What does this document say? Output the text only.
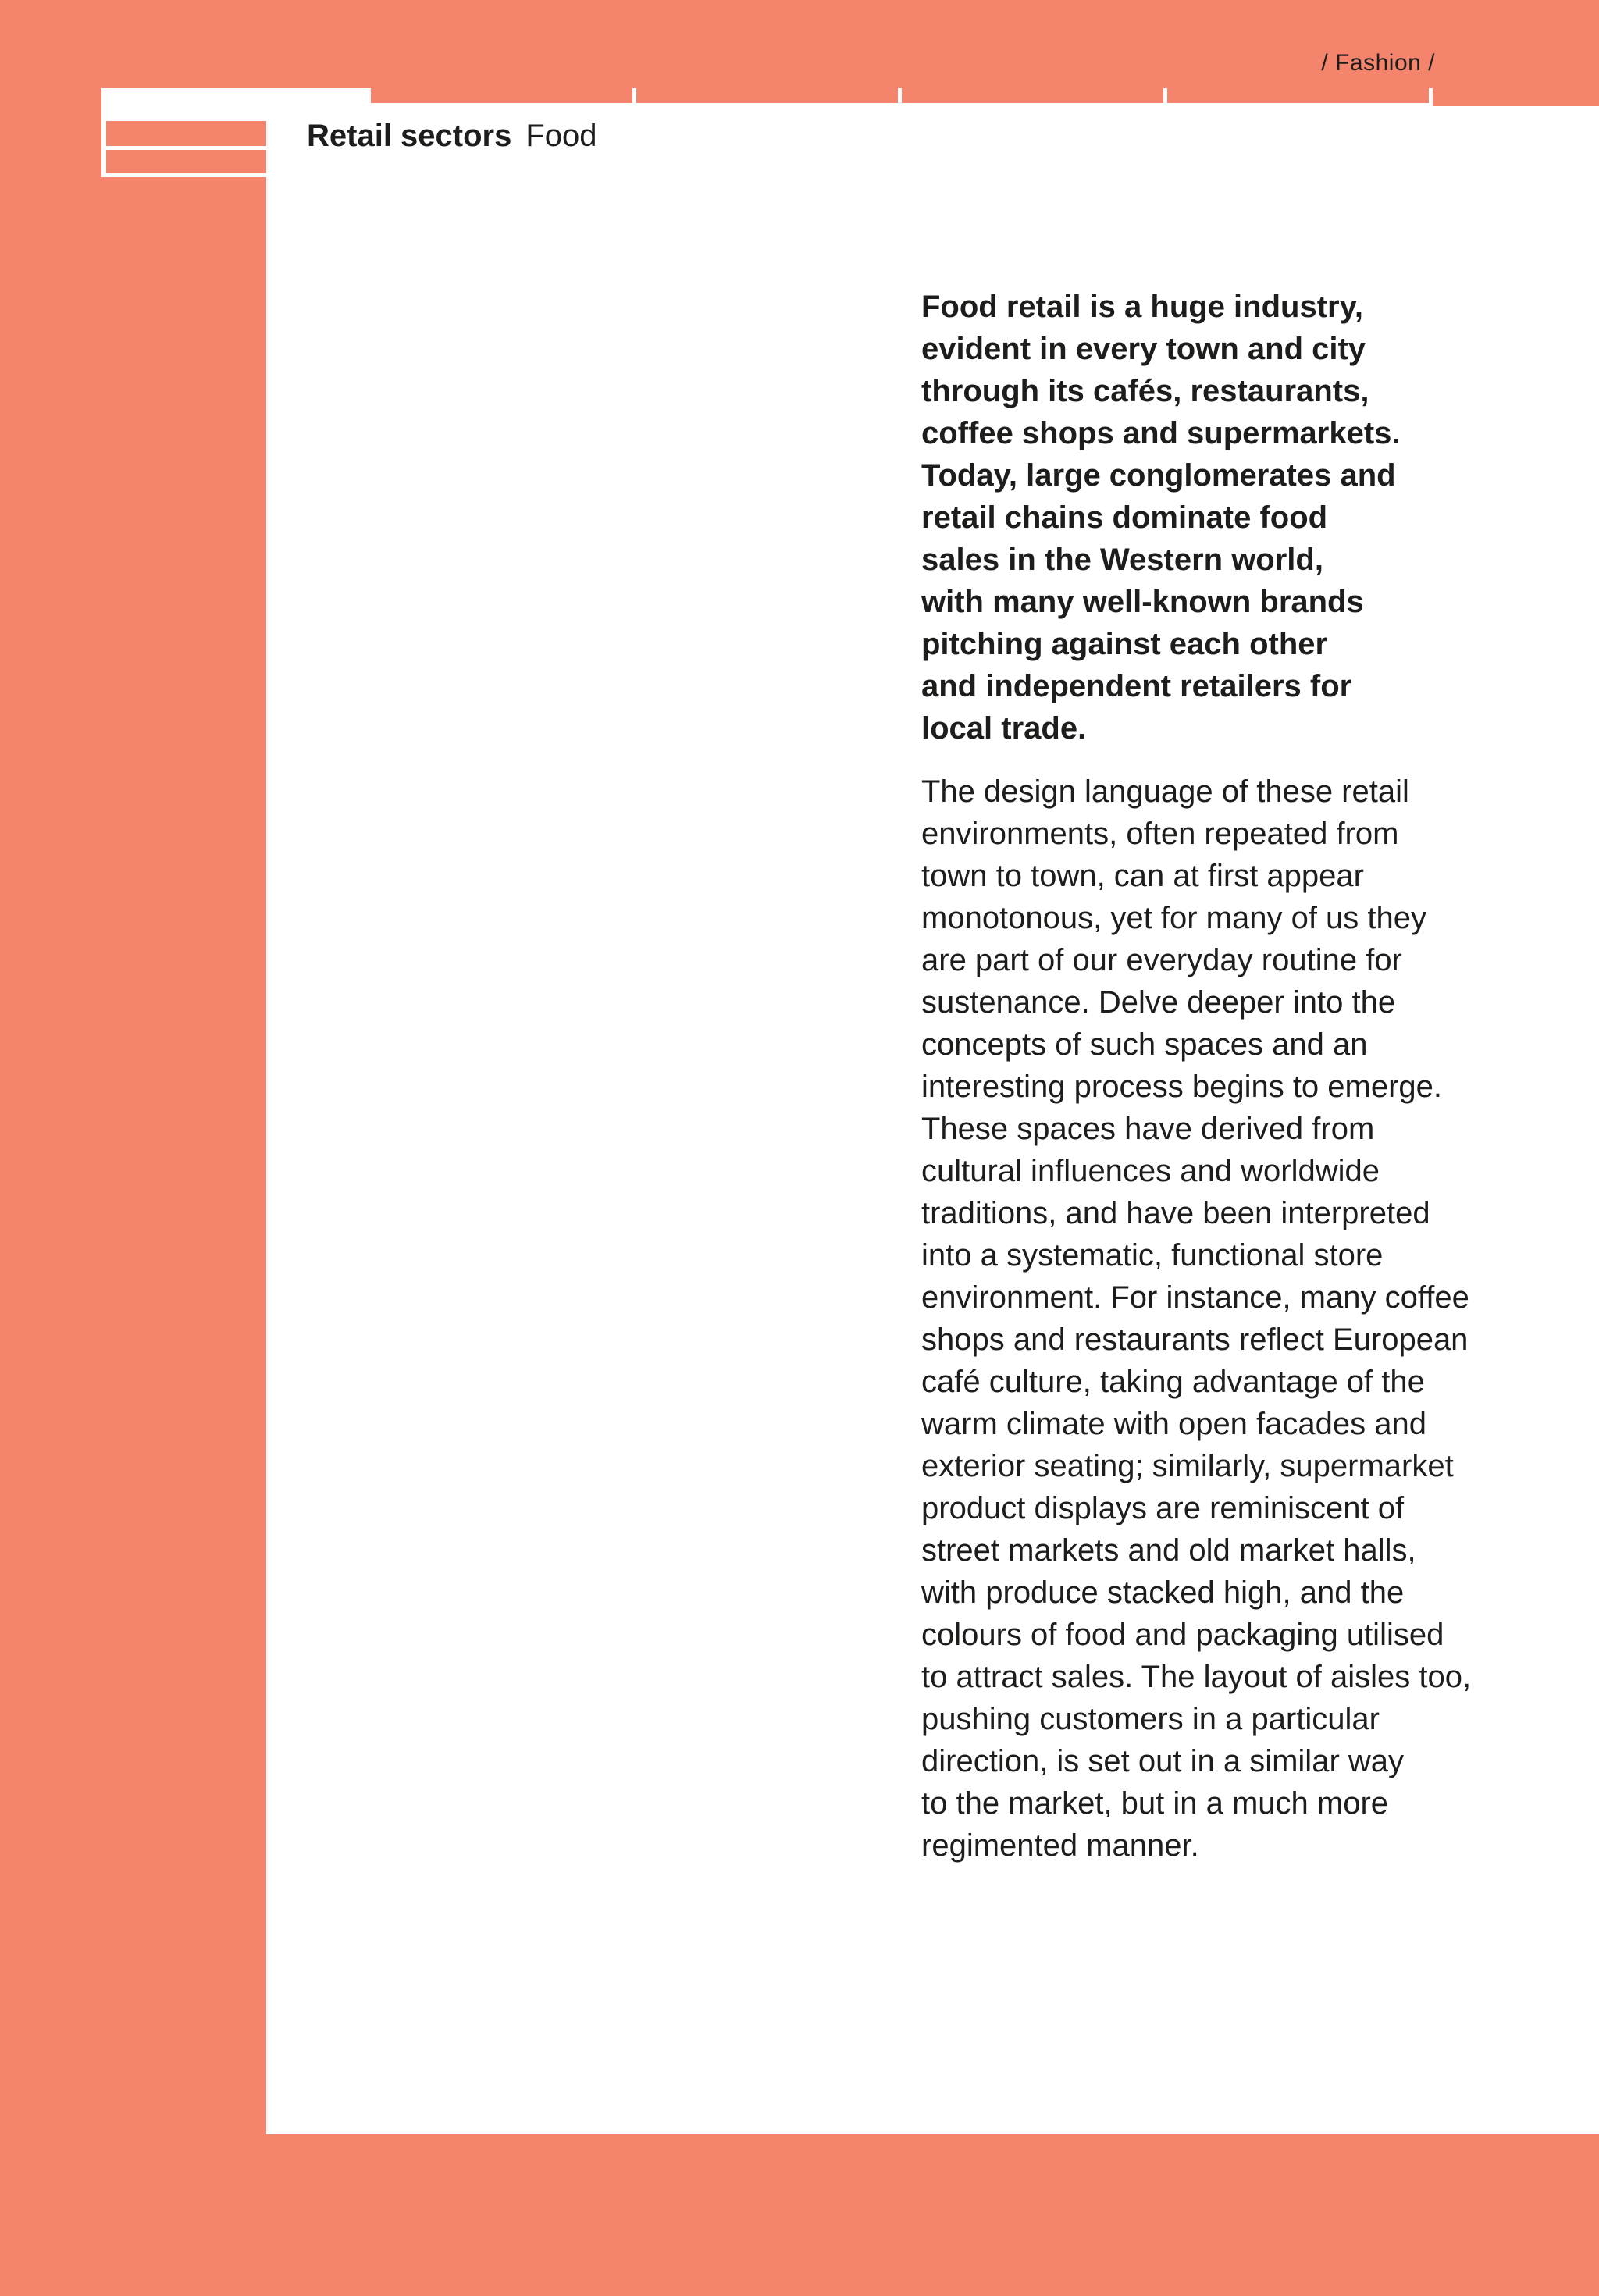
/ Fashion /
Retail sectors Food
Food retail is a huge industry,
evident in every town and city
through its cafés, restaurants,
coffee shops and supermarkets.
Today, large conglomerates and
retail chains dominate food
sales in the Western world,
with many well-known brands
pitching against each other
and independent retailers for
local trade.
The design language of these retail
environments, often repeated from
town to town, can at first appear
monotonous, yet for many of us they
are part of our everyday routine for
sustenance. Delve deeper into the
concepts of such spaces and an
interesting process begins to emerge.
These spaces have derived from
cultural influences and worldwide
traditions, and have been interpreted
into a systematic, functional store
environment. For instance, many coffee
shops and restaurants reflect European
café culture, taking advantage of the
warm climate with open facades and
exterior seating; similarly, supermarket
product displays are reminiscent of
street markets and old market halls,
with produce stacked high, and the
colours of food and packaging utilised
to attract sales. The layout of aisles too,
pushing customers in a particular
direction, is set out in a similar way
to the market, but in a much more
regimented manner.
